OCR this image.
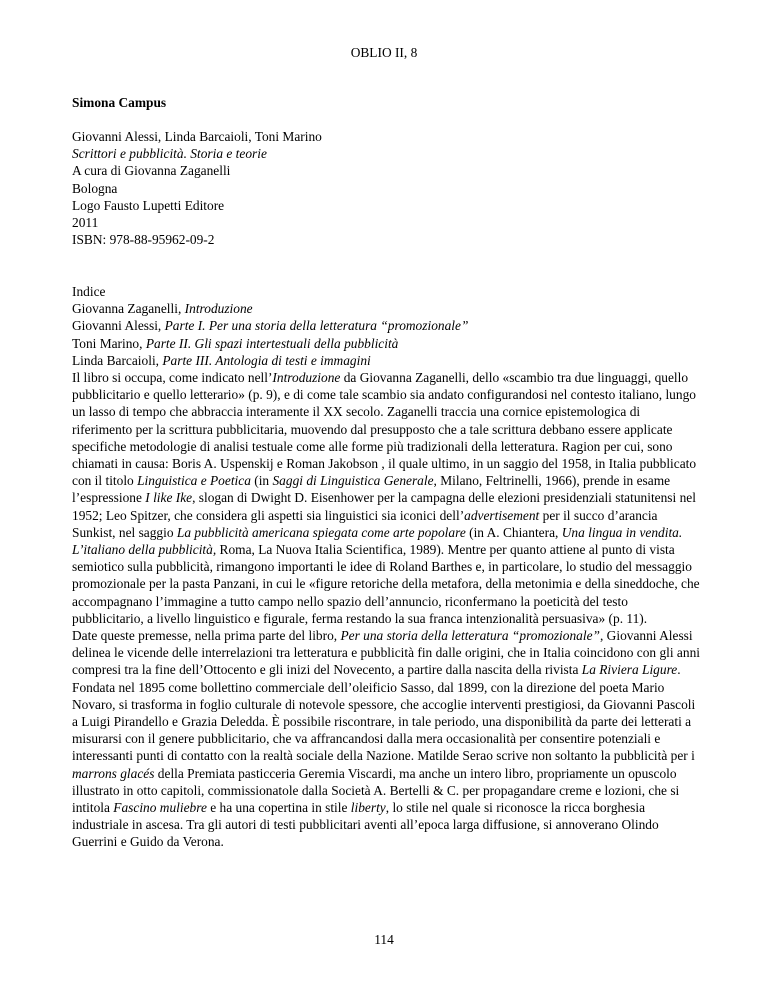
OBLIO II, 8
Simona Campus
Giovanni Alessi, Linda Barcaioli, Toni Marino
Scrittori e pubblicità. Storia e teorie
A cura di Giovanna Zaganelli
Bologna
Logo Fausto Lupetti Editore
2011
ISBN: 978-88-95962-09-2
Indice
Giovanna Zaganelli, Introduzione
Giovanni Alessi, Parte I. Per una storia della letteratura “promozionale”
Toni Marino, Parte II. Gli spazi intertestuali della pubblicità
Linda Barcaioli, Parte III. Antologia di testi e immagini

Il libro si occupa, come indicato nell’Introduzione da Giovanna Zaganelli, dello «scambio tra due linguaggi, quello pubblicitario e quello letterario» (p. 9), e di come tale scambio sia andato configurandosi nel contesto italiano, lungo un lasso di tempo che abbraccia interamente il XX secolo. Zaganelli traccia una cornice epistemologica di riferimento per la scrittura pubblicitaria, muovendo dal presupposto che a tale scrittura debbano essere applicate specifiche metodologie di analisi testuale come alle forme più tradizionali della letteratura. Ragion per cui, sono chiamati in causa: Boris A. Uspenskij e Roman Jakobson , il quale ultimo, in un saggio del 1958, in Italia pubblicato con il titolo Linguistica e Poetica (in Saggi di Linguistica Generale, Milano, Feltrinelli, 1966), prende in esame l’espressione I like Ike, slogan di Dwight D. Eisenhower per la campagna delle elezioni presidenziali statunitensi nel 1952; Leo Spitzer, che considera gli aspetti sia linguistici sia iconici dell’advertisement per il succo d’arancia Sunkist, nel saggio La pubblicità americana spiegata come arte popolare (in A. Chiantera, Una lingua in vendita. L’italiano della pubblicità, Roma, La Nuova Italia Scientifica, 1989). Mentre per quanto attiene al punto di vista semiotico sulla pubblicità, rimangono importanti le idee di Roland Barthes e, in particolare, lo studio del messaggio promozionale per la pasta Panzani, in cui le «figure retoriche della metafora, della metonimia e della sineddoche, che accompagnano l’immagine a tutto campo nello spazio dell’annuncio, riconfermano la poeticità del testo pubblicitario, a livello linguistico e figurale, ferma restando la sua franca intenzionalità persuasiva» (p. 11).

Date queste premesse, nella prima parte del libro, Per una storia della letteratura “promozionale”, Giovanni Alessi delinea le vicende delle interrelazioni tra letteratura e pubblicità fin dalle origini, che in Italia coincidono con gli anni compresi tra la fine dell’Ottocento e gli inizi del Novecento, a partire dalla nascita della rivista La Riviera Ligure. Fondata nel 1895 come bollettino commerciale dell’oleificio Sasso, dal 1899, con la direzione del poeta Mario Novaro, si trasforma in foglio culturale di notevole spessore, che accoglie interventi prestigiosi, da Giovanni Pascoli a Luigi Pirandello e Grazia Deledda. È possibile riscontrare, in tale periodo, una disponibilità da parte dei letterati a misurarsi con il genere pubblicitario, che va affrancandosi dalla mera occasionalità per consentire potenziali e interessanti punti di contatto con la realtà sociale della Nazione. Matilde Serao scrive non soltanto la pubblicità per i marrons glacés della Premiata pasticceria Geremia Viscardi, ma anche un intero libro, propriamente un opuscolo illustrato in otto capitoli, commissionatole dalla Società A. Bertelli & C. per propagandare creme e lozioni, che si intitola Fascino muliebre e ha una copertina in stile liberty, lo stile nel quale si riconosce la ricca borghesia industriale in ascesa. Tra gli autori di testi pubblicitari aventi all’epoca larga diffusione, si annoverano Olindo Guerrini e Guido da Verona.

114
